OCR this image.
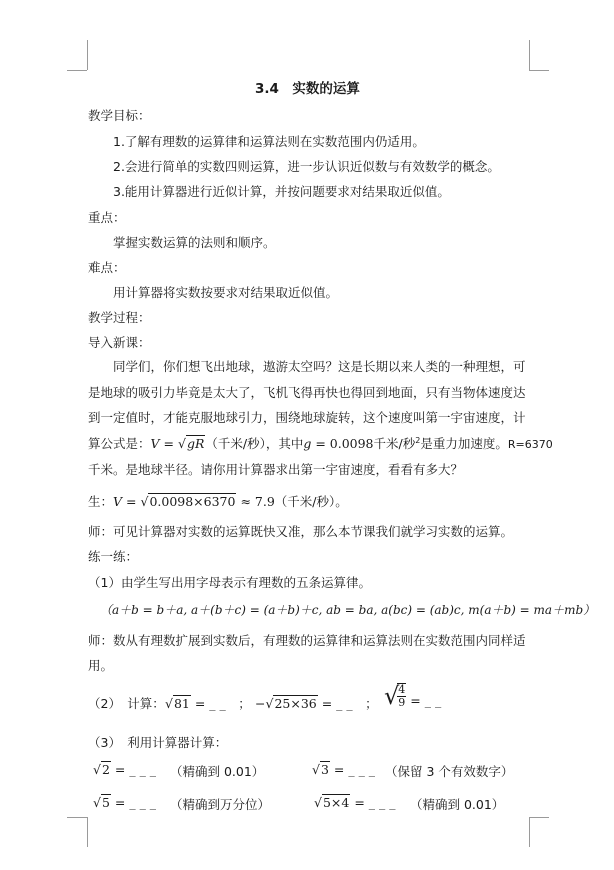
3.4　实数的运算
教学目标：
1.了解有理数的运算律和运算法则在实数范围内仍适用。
2.会进行简单的实数四则运算，进一步认识近似数与有效数学的概念。
3.能用计算器进行近似计算，并按问题要求对结果取近似值。
重点：
掌握实数运算的法则和顺序。
难点：
用计算器将实数按要求对结果取近似值。
教学过程：
导入新课：
同学们，你们想飞出地球，遨游太空吗？这是长期以来人类的一种理想，可
是地球的吸引力毕竟是太大了，飞机飞得再快也得回到地面，只有当物体速度达
到一定值时，才能克服地球引力，围绕地球旋转，这个速度叫第一宇宙速度，计
算公式是：V = √gR（千米/秒），其中g = 0.0098千米/秒$^2$是重力加速度。R=6370
千米。是地球半径。请你用计算器求出第一宇宙速度，看看有多大？
生：V = √0.0098×6370 ≈ 7.9（千米/秒）。
师：可见计算器对实数的运算既快又准，那么本节课我们就学习实数的运算。
练一练：
（1）由学生写出用字母表示有理数的五条运算律。
（a＋b = b＋a, a＋(b＋c) = (a＋b)＋c, ab = ba, a(bc) = (ab)c, m(a＋b) = ma＋mb）
师：数从有理数扩展到实数后，有理数的运算律和运算法则在实数范围内同样适
用。
（2）　计算： √81 = _ _　； −√25×36 = _ _　； √
$\frac{4}{9}$ = _ _
（3）　利用计算器计算：
√2 = _ _ _ （精确到 0.01）	√3 = _ _ _ （保留 3 个有效数字）
√5 = _ _ _ （精确到万分位）	√5×4 = _ _ _ （精确到 0.01）
